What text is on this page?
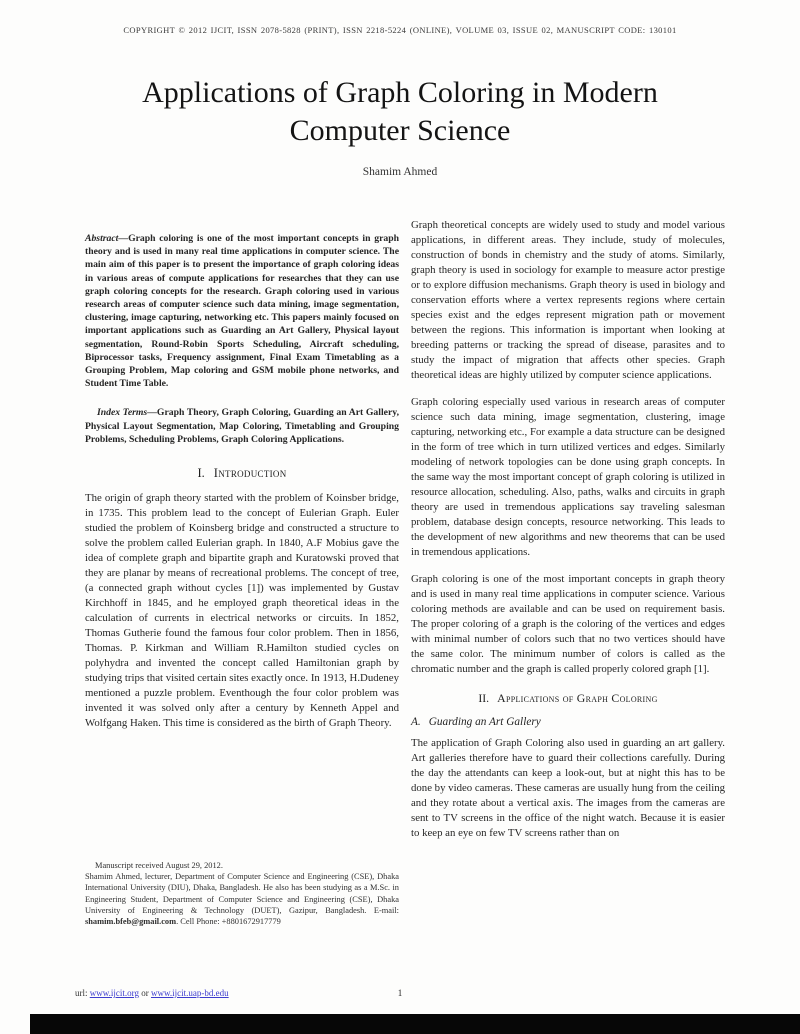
COPYRIGHT © 2012 IJCIT, ISSN 2078-5828 (PRINT), ISSN 2218-5224 (ONLINE), VOLUME 03, ISSUE 02, MANUSCRIPT CODE: 130101
Applications of Graph Coloring in Modern
Computer Science
Shamim Ahmed

Abstract—Graph coloring is one of the most important concepts in graph theory and is used in many real time applications in computer science. The main aim of this paper is to present the importance of graph coloring ideas in various areas of compute applications for researches that they can use graph coloring concepts for the research. Graph coloring used in various research areas of computer science such data mining, image segmentation, clustering, image capturing, networking etc. This papers mainly focused on important applications such as Guarding an Art Gallery, Physical layout segmentation, Round-Robin Sports Scheduling, Aircraft scheduling, Biprocessor tasks, Frequency assignment, Final Exam Timetabling as a Grouping Problem, Map coloring and GSM mobile phone networks, and Student Time Table.

Index Terms—Graph Theory, Graph Coloring, Guarding an Art Gallery, Physical Layout Segmentation, Map Coloring, Timetabling and Grouping Problems, Scheduling Problems, Graph Coloring Applications.

I. Introduction

The origin of graph theory started with the problem of Koinsber bridge, in 1735. This problem lead to the concept of Eulerian Graph. Euler studied the problem of Koinsberg bridge and constructed a structure to solve the problem called Eulerian graph. In 1840, A.F Mobius gave the idea of complete graph and bipartite graph and Kuratowski proved that they are planar by means of recreational problems. The concept of tree, (a connected graph without cycles [1]) was implemented by Gustav Kirchhoff in 1845, and he employed graph theoretical ideas in the calculation of currents in electrical networks or circuits. In 1852, Thomas Gutherie found the famous four color problem. Then in 1856, Thomas. P. Kirkman and William R.Hamilton studied cycles on polyhydra and invented the concept called Hamiltonian graph by studying trips that visited certain sites exactly once. In 1913, H.Dudeney mentioned a puzzle problem. Eventhough the four color problem was invented it was solved only after a century by Kenneth Appel and Wolfgang Haken. This time is considered as the birth of Graph Theory.

Graph theoretical concepts are widely used to study and model various applications, in different areas. They include, study of molecules, construction of bonds in chemistry and the study of atoms. Similarly, graph theory is used in sociology for example to measure actor prestige or to explore diffusion mechanisms. Graph theory is used in biology and conservation efforts where a vertex represents regions where certain species exist and the edges represent migration path or movement between the regions. This information is important when looking at breeding patterns or tracking the spread of disease, parasites and to study the impact of migration that affects other species. Graph theoretical ideas are highly utilized by computer science applications.

Graph coloring especially used various in research areas of computer science such data mining, image segmentation, clustering, image capturing, networking etc., For example a data structure can be designed in the form of tree which in turn utilized vertices and edges. Similarly modeling of network topologies can be done using graph concepts. In the same way the most important concept of graph coloring is utilized in resource allocation, scheduling. Also, paths, walks and circuits in graph theory are used in tremendous applications say traveling salesman problem, database design concepts, resource networking. This leads to the development of new algorithms and new theorems that can be used in tremendous applications.

Graph coloring is one of the most important concepts in graph theory and is used in many real time applications in computer science. Various coloring methods are available and can be used on requirement basis. The proper coloring of a graph is the coloring of the vertices and edges with minimal number of colors such that no two vertices should have the same color. The minimum number of colors is called as the chromatic number and the graph is called properly colored graph [1].

II. Applications of Graph Coloring
A. Guarding an Art Gallery

The application of Graph Coloring also used in guarding an art gallery. Art galleries therefore have to guard their collections carefully. During the day the attendants can keep a look-out, but at night this has to be done by video cameras. These cameras are usually hung from the ceiling and they rotate about a vertical axis. The images from the cameras are sent to TV screens in the office of the night watch. Because it is easier to keep an eye on few TV screens rather than on

Manuscript received August 29, 2012.

Shamim Ahmed, lecturer, Department of Computer Science and Engineering (CSE), Dhaka International University (DIU), Dhaka, Bangladesh. He also has been studying as a M.Sc. in Engineering Student, Department of Computer Science and Engineering (CSE), Dhaka University of Engineering & Technology (DUET), Gazipur, Bangladesh. E-mail: shamim.bfeb@gmail.com. Cell Phone: +8801672917779

url: www.ijcit.org or www.ijcit.uap-bd.edu	1
